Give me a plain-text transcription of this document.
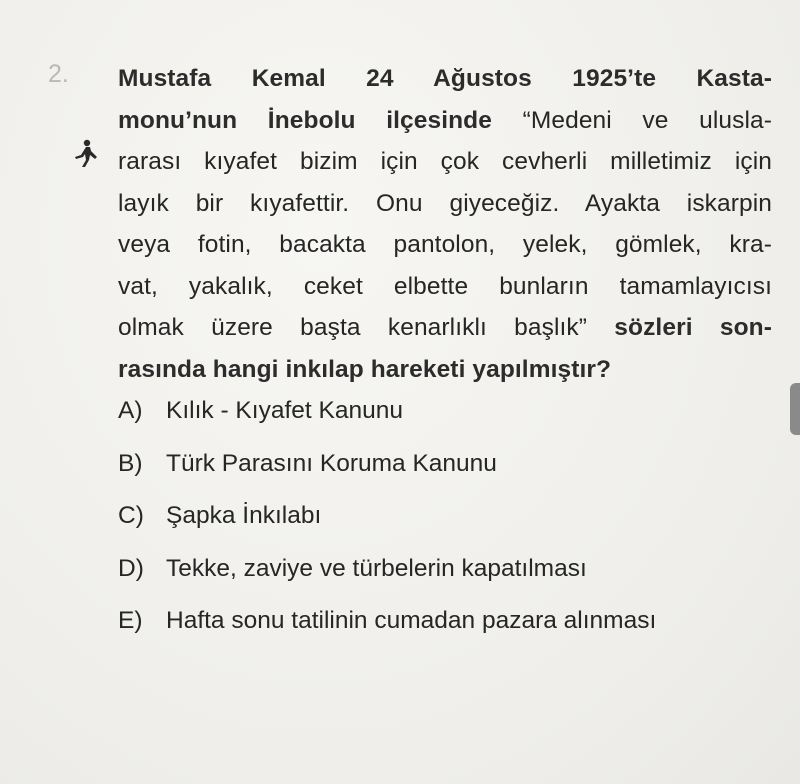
2. Mustafa Kemal 24 Ağustos 1925’te Kasta-
monu’nun İnebolu ilçesinde “Medeni ve ulusla-
rarası kıyafet bizim için çok cevherli milletimiz için
layık bir kıyafettir. Onu giyeceğiz. Ayakta iskarpin
veya fotin, bacakta pantolon, yelek, gömlek, kra-
vat, yakalık, ceket elbette bunların tamamlayıcısı
olmak üzere başta kenarlıklı başlık” sözleri son-
rasında hangi inkılap hareketi yapılmıştır?
A) Kılık - Kıyafet Kanunu
B) Türk Parasını Koruma Kanunu
C) Şapka İnkılabı
D) Tekke, zaviye ve türbelerin kapatılması
E) Hafta sonu tatilinin cumadan pazara alınması
